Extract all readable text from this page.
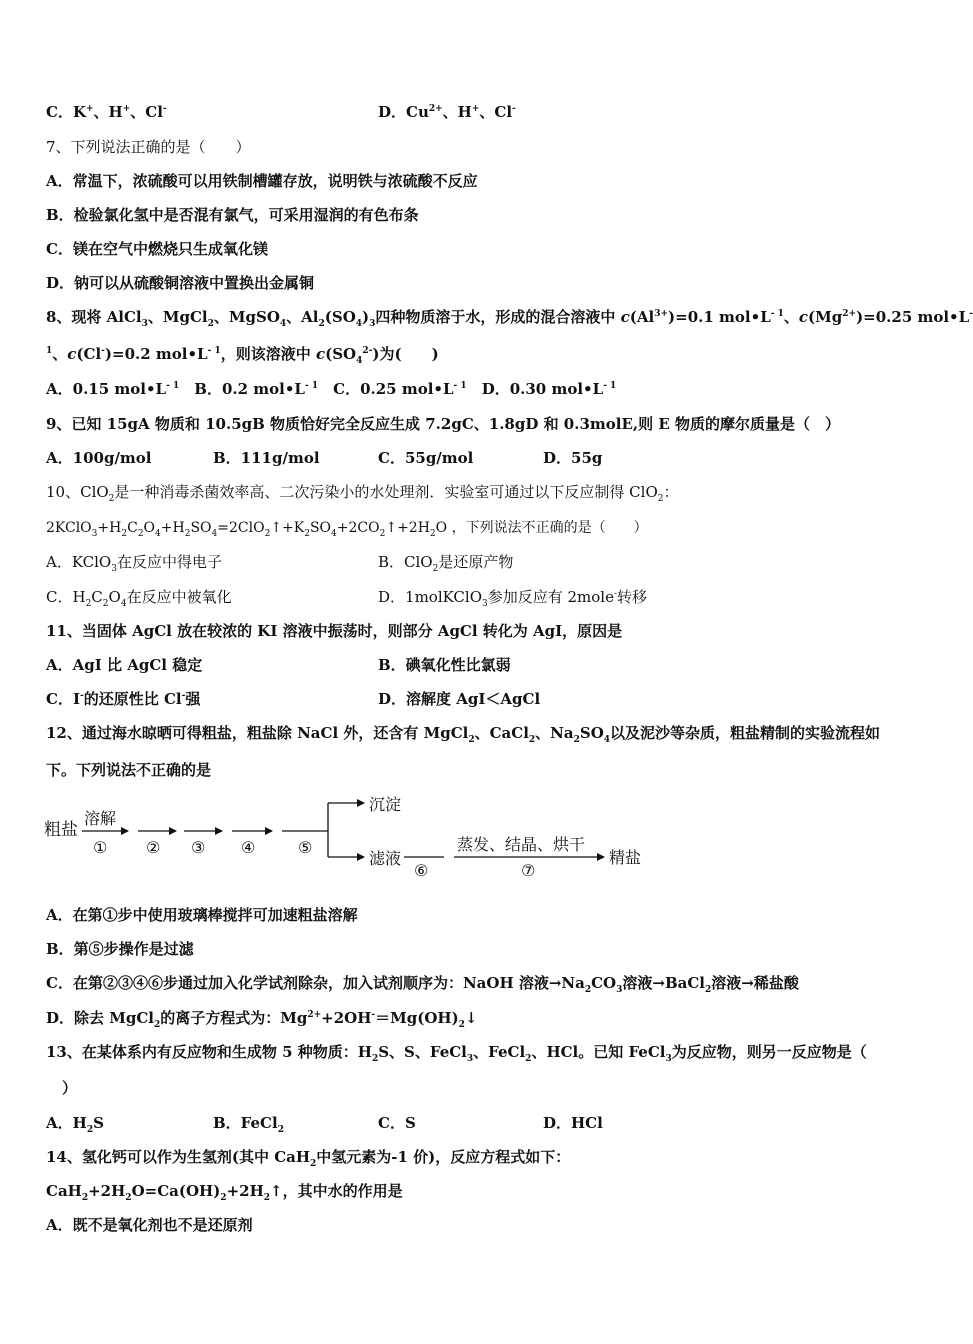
C．K+、H+、Cl-	D．$Cu^{2+}$、H+、Cl-
7、下列说法正确的是（　　）
A．常温下，浓硫酸可以用铁制槽罐存放，说明铁与浓硫酸不反应
B．检验氯化氢中是否混有氯气，可采用湿润的有色布条
C．镁在空气中燃烧只生成氧化镁
D．钠可以从硫酸铜溶液中置换出金属铜
8、现将 AlCl$_3$、MgCl$_2$、MgSO$_4$、$Al_2(SO_4)_3$四种物质溶于水，形成的混合溶液中 $c(Al^{3+})=0.1$ $mol•L^{- 1}$、$c(Mg^{2+})=0.25$ mol•L-
$^1$、c(Cl-)=0.2 $mol•L^{- 1}$，则该溶液中 $c(SO_4^{2-})$为(　　)
A．0.15 $mol•L^{- 1}$　 B．0.2 $mol•L^{- 1}$　 C．0.25 $mol•L^{- 1}$　 D．0.30 $mol•L^{- 1}$
9、已知 15gA 物质和 10.5gB 物质恰好完全反应生成 7.2gC、1.8gD 和 0.3molE,则 E 物质的摩尔质量是（　）
A．100g/mol	B．111g/mol	C．55g/mol	D．55g
10、ClO$_2$是一种消毒杀菌效率高、二次污染小的水处理剂．实验室可通过以下反应制得 ClO$_2$：
$2KClO_3+H_2C_2O_4+H_2SO_4=2ClO_2↑+K_2SO_4+2CO_2↑+2H_2O$ ，下列说法不正确的是（　　）
A．KClO$_3$在反应中得电子	B．ClO$_2$是还原产物
C．$H_2C_2O_4$在反应中被氧化	D．1molKClO$_3$参加反应有 2mole-转移
11、当固体 AgCl 放在较浓的 KI 溶液中振荡时，则部分 AgCl 转化为 AgI，原因是
A．AgI 比 AgCl 稳定	B．碘氧化性比氯弱
C．I-的还原性比 Cl-强	D．溶解度 AgI＜AgCl
12、通过海水晾晒可得粗盐，粗盐除 NaCl 外，还含有 MgCl$_2$、CaCl$_2$、$Na_2SO_4$以及泥沙等杂质，粗盐精制的实验流程如
下。下列说法不正确的是
粗盐
溶解
① ② ③ ④	⑤
沉淀
滤液
⑥
蒸发、结晶、烘干
⑦
精盐
A．在第①步中使用玻璃棒搅拌可加速粗盐溶解
B．第⑤步操作是过滤
C．在第②③④⑥步通过加入化学试剂除杂，加入试剂顺序为：NaOH 溶液$\to Na_2CO_3$溶液→BaCl$_2$溶液→稀盐酸
D．除去 MgCl$_2$的离子方程式为：$Mg^{2+}+2OH^-=Mg(OH)_2↓$
13、在某体系内有反应物和生成物 5 种物质：$H_2S$、S、FeCl$_3$、FeCl$_2$、HCl。已知 FeCl$_3$为反应物，则另一反应物是（
）
A．$H_2S$	B．FeCl$_2$	C．S	D．HCl
14、氢化钙可以作为生氢剂(其中 CaH$_2$中氢元素为-1 价)，反应方程式如下：
$CaH_2+2H_2O=Ca(OH)_2+2H_2↑$，其中水的作用是
A．既不是氧化剂也不是还原剂
